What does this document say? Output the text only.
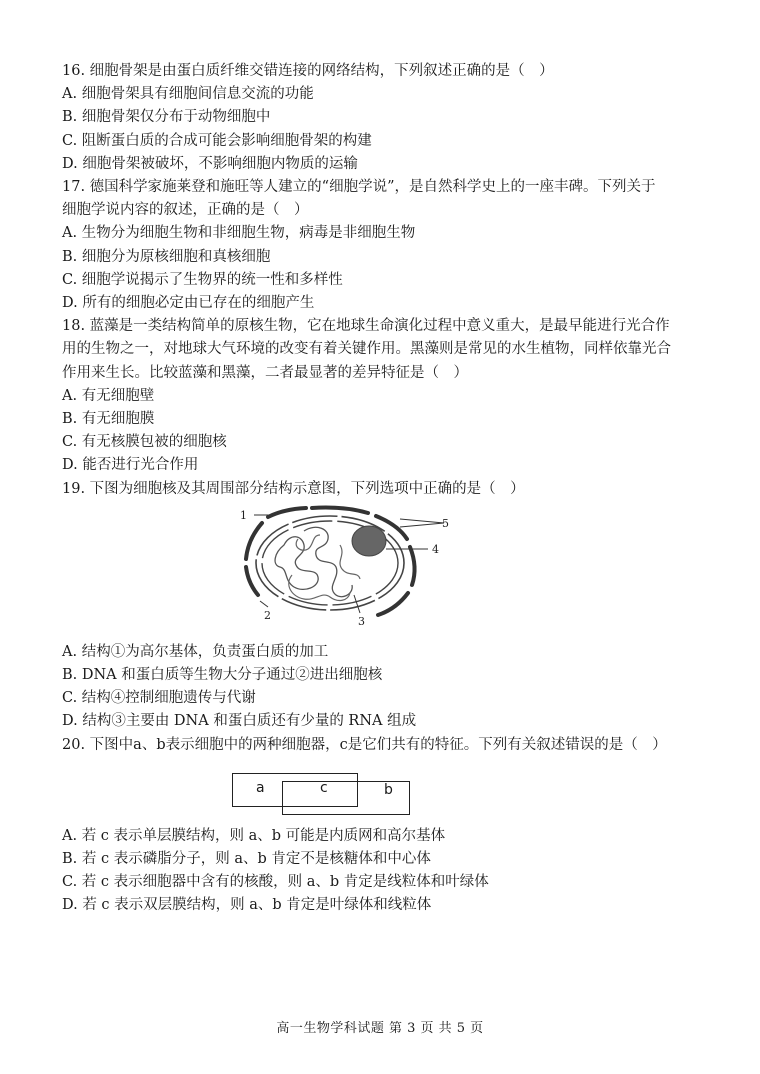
16. 细胞骨架是由蛋白质纤维交错连接的网络结构，下列叙述正确的是（　）
A. 细胞骨架具有细胞间信息交流的功能
B. 细胞骨架仅分布于动物细胞中
C. 阻断蛋白质的合成可能会影响细胞骨架的构建
D. 细胞骨架被破坏，不影响细胞内物质的运输
17. 德国科学家施莱登和施旺等人建立的“细胞学说”，是自然科学史上的一座丰碑。下列关于
细胞学说内容的叙述，正确的是（　）
A. 生物分为细胞生物和非细胞生物，病毒是非细胞生物
B. 细胞分为原核细胞和真核细胞
C. 细胞学说揭示了生物界的统一性和多样性
D. 所有的细胞必定由已存在的细胞产生
18. 蓝藻是一类结构简单的原核生物，它在地球生命演化过程中意义重大，是最早能进行光合作
用的生物之一，对地球大气环境的改变有着关键作用。黑藻则是常见的水生植物，同样依靠光合
作用来生长。比较蓝藻和黑藻，二者最显著的差异特征是（　）
A. 有无细胞壁
B. 有无细胞膜
C. 有无核膜包被的细胞核
D. 能否进行光合作用
19. 下图为细胞核及其周围部分结构示意图，下列选项中正确的是（　）
1
2	3
4
5
A. 结构①为高尔基体，负责蛋白质的加工
B. DNA 和蛋白质等生物大分子通过②进出细胞核
C. 结构④控制细胞遗传与代谢
D. 结构③主要由 DNA 和蛋白质还有少量的 RNA 组成
20. 下图中a、b表示细胞中的两种细胞器，c是它们共有的特征。下列有关叙述错误的是（　）
a	c	b
A. 若 c 表示单层膜结构，则 a、b 可能是内质网和高尔基体
B. 若 c 表示磷脂分子，则 a、b 肯定不是核糖体和中心体
C. 若 c 表示细胞器中含有的核酸，则 a、b 肯定是线粒体和叶绿体
D. 若 c 表示双层膜结构，则 a、b 肯定是叶绿体和线粒体
高一生物学科试题 第 3 页 共 5 页
